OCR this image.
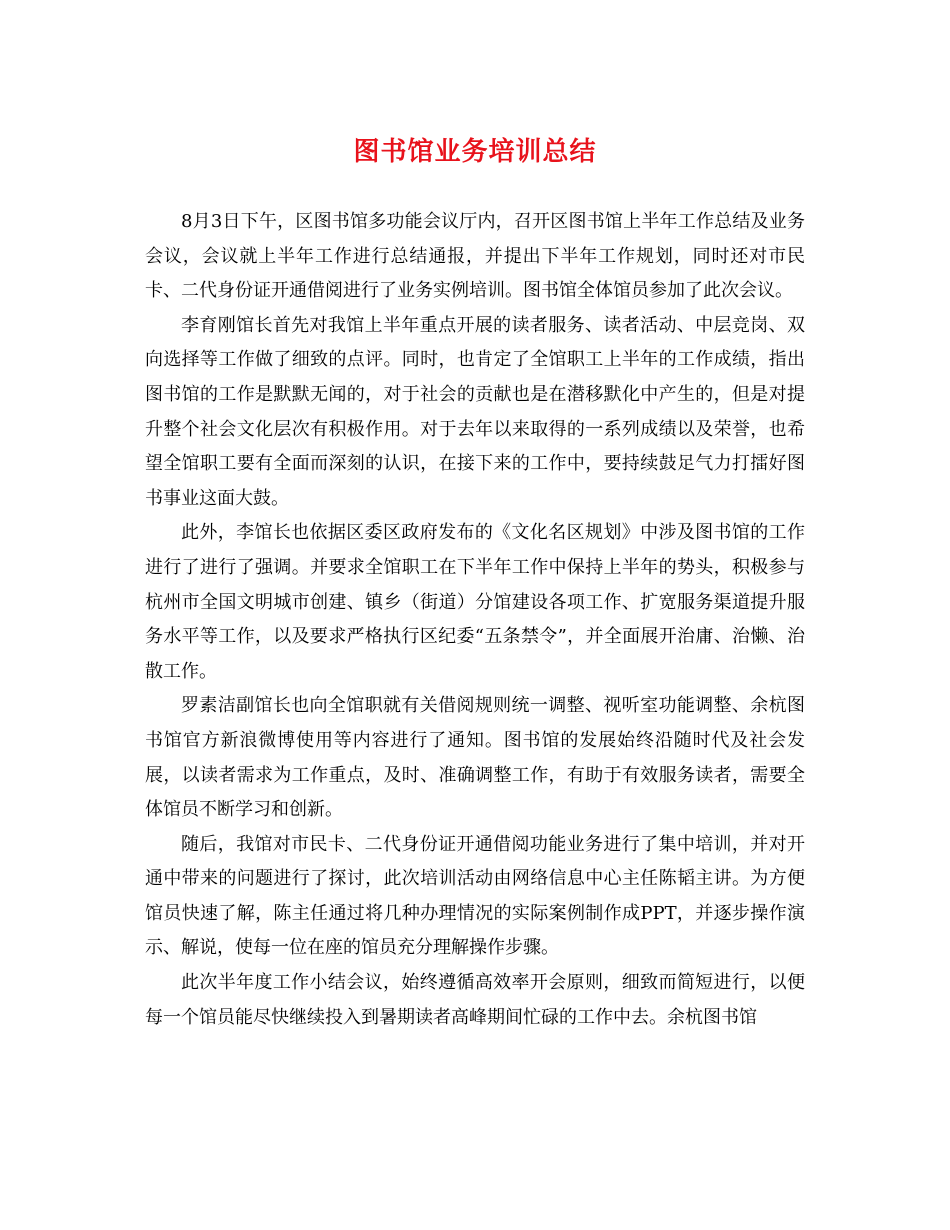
图书馆业务培训总结

8月3日下午，区图书馆多功能会议厅内，召开区图书馆上半年工作总结及业务会议，会议就上半年工作进行总结通报，并提出下半年工作规划，同时还对市民卡、二代身份证开通借阅进行了业务实例培训。图书馆全体馆员参加了此次会议。

李育刚馆长首先对我馆上半年重点开展的读者服务、读者活动、中层竞岗、双向选择等工作做了细致的点评。同时，也肯定了全馆职工上半年的工作成绩，指出图书馆的工作是默默无闻的，对于社会的贡献也是在潜移默化中产生的，但是对提升整个社会文化层次有积极作用。对于去年以来取得的一系列成绩以及荣誉，也希望全馆职工要有全面而深刻的认识，在接下来的工作中，要持续鼓足气力打擂好图书事业这面大鼓。

此外，李馆长也依据区委区政府发布的《文化名区规划》中涉及图书馆的工作进行了进行了强调。并要求全馆职工在下半年工作中保持上半年的势头，积极参与杭州市全国文明城市创建、镇乡（街道）分馆建设各项工作、扩宽服务渠道提升服务水平等工作，以及要求严格执行区纪委“五条禁令”，并全面展开治庸、治懒、治散工作。

罗素洁副馆长也向全馆职就有关借阅规则统一调整、视听室功能调整、余杭图书馆官方新浪微博使用等内容进行了通知。图书馆的发展始终沿随时代及社会发展，以读者需求为工作重点，及时、准确调整工作，有助于有效服务读者，需要全体馆员不断学习和创新。

随后，我馆对市民卡、二代身份证开通借阅功能业务进行了集中培训，并对开通中带来的问题进行了探讨，此次培训活动由网络信息中心主任陈韬主讲。为方便馆员快速了解，陈主任通过将几种办理情况的实际案例制作成PPT，并逐步操作演示、解说，使每一位在座的馆员充分理解操作步骤。

此次半年度工作小结会议，始终遵循高效率开会原则，细致而简短进行，以便每一个馆员能尽快继续投入到暑期读者高峰期间忙碌的工作中去。余杭图书馆
